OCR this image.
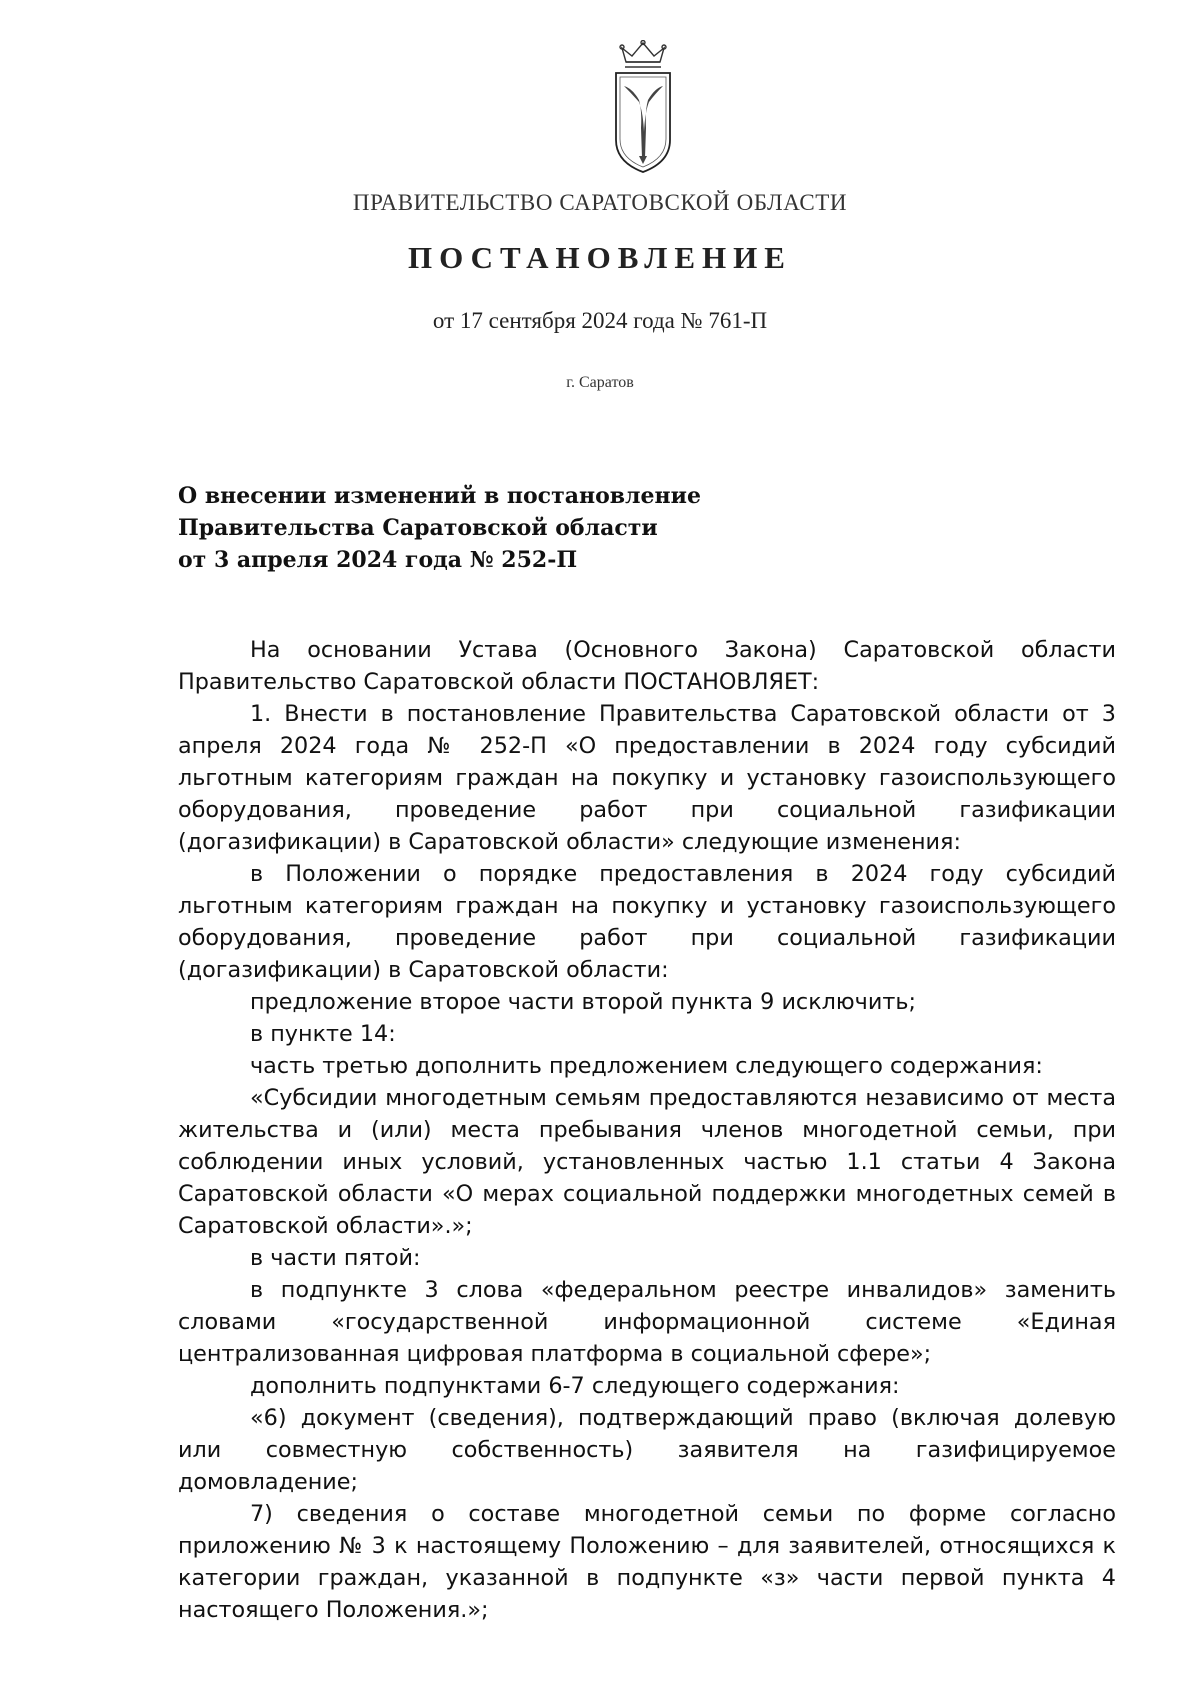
ПРАВИТЕЛЬСТВО САРАТОВСКОЙ ОБЛАСТИ
ПОСТАНОВЛЕНИЕ
от 17 сентября 2024 года № 761-П
г. Саратов
О внесении изменений в постановление
Правительства Саратовской области
от 3 апреля 2024 года № 252-П

На основании Устава (Основного Закона) Саратовской области Правительство Саратовской области ПОСТАНОВЛЯЕТ:

1. Внести в постановление Правительства Саратовской области от 3 апреля 2024 года № 252-П «О предоставлении в 2024 году субсидий льготным категориям граждан на покупку и установку газоиспользующего оборудования, проведение работ при социальной газификации (догазификации) в Саратовской области» следующие изменения:

в Положении о порядке предоставления в 2024 году субсидий льготным категориям граждан на покупку и установку газоиспользующего оборудования, проведение работ при социальной газификации (догазификации) в Саратовской области:

предложение второе части второй пункта 9 исключить;

в пункте 14:

часть третью дополнить предложением следующего содержания:

«Субсидии многодетным семьям предоставляются независимо от места жительства и (или) места пребывания членов многодетной семьи, при соблюдении иных условий, установленных частью 1.1 статьи 4 Закона Саратовской области «О мерах социальной поддержки многодетных семей в Саратовской области».»;

в части пятой:

в подпункте 3 слова «федеральном реестре инвалидов» заменить словами «государственной информационной системе «Единая централизованная цифровая платформа в социальной сфере»;

дополнить подпунктами 6-7 следующего содержания:

«6) документ (сведения), подтверждающий право (включая долевую или совместную собственность) заявителя на газифицируемое домовладение;

7) сведения о составе многодетной семьи по форме согласно приложению № 3 к настоящему Положению – для заявителей, относящихся к категории граждан, указанной в подпункте «з» части первой пункта 4 настоящего Положения.»;
